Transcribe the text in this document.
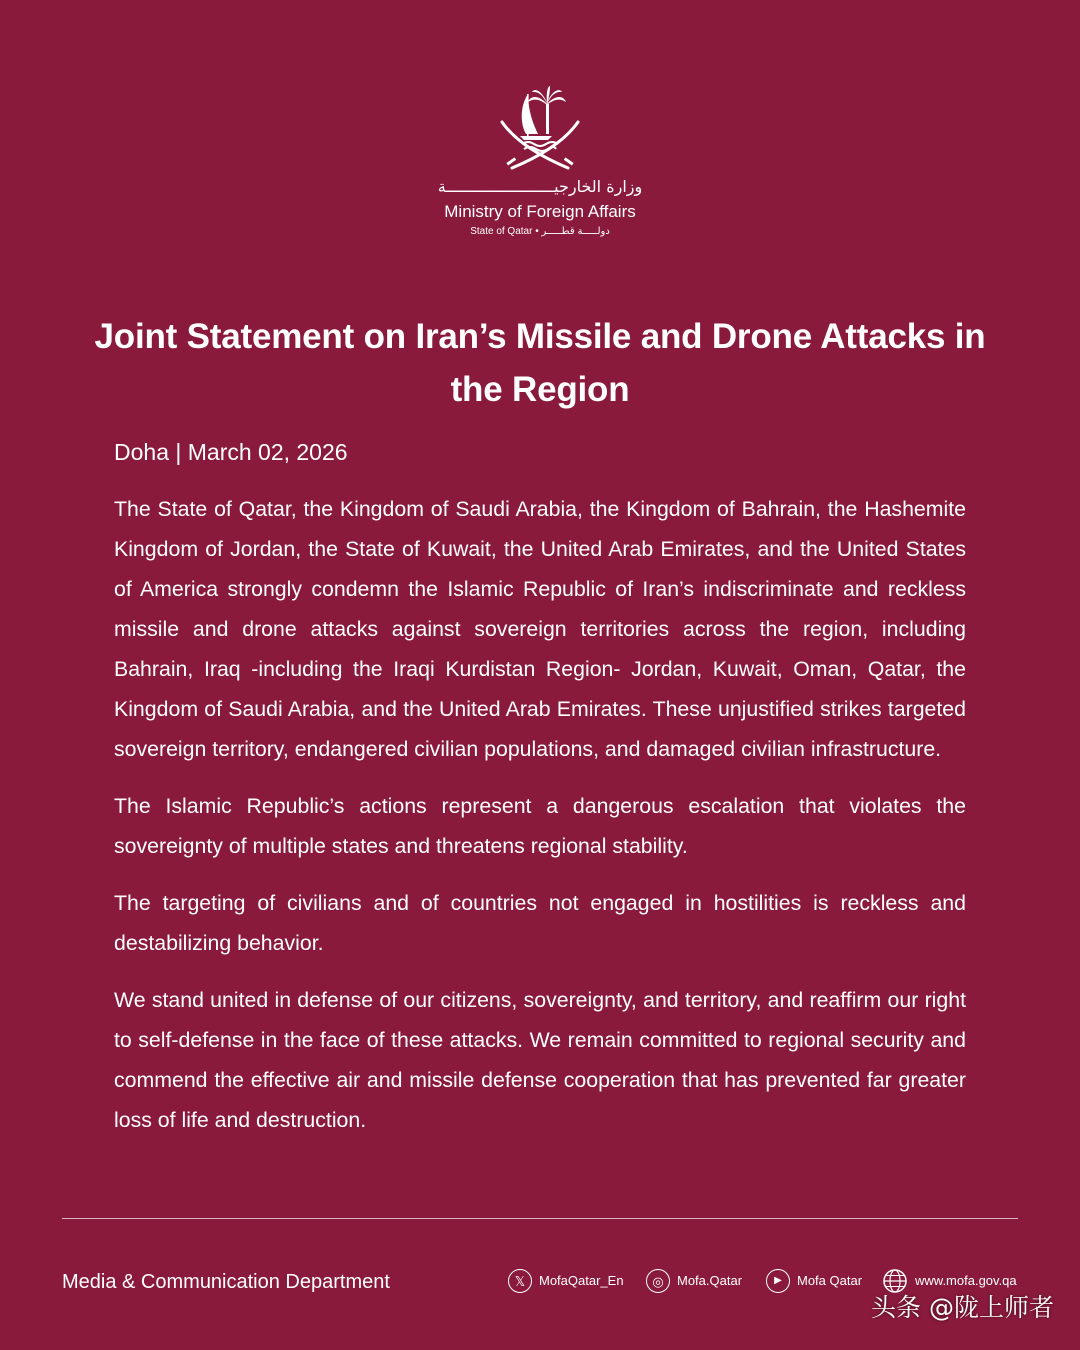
وزارة الخارجيـــــــــــــــــــــــة
Ministry of Foreign Affairs
State of Qatar • دولـــــة قطـــــر
Joint Statement on Iran’s Missile and Drone Attacks in the Region
Doha | March 02, 2026

The State of Qatar, the Kingdom of Saudi Arabia, the Kingdom of Bahrain, the Hashemite Kingdom of Jordan, the State of Kuwait, the United Arab Emirates, and the United States of America strongly condemn the Islamic Republic of Iran’s indiscriminate and reckless missile and drone attacks against sovereign territories across the region, including Bahrain, Iraq -including the Iraqi Kurdistan Region- Jordan, Kuwait, Oman, Qatar, the Kingdom of Saudi Arabia, and the United Arab Emirates. These unjustified strikes targeted sovereign territory, endangered civilian populations, and damaged civilian infrastructure.

The Islamic Republic’s actions represent a dangerous escalation that violates the sovereignty of multiple states and threatens regional stability.

The targeting of civilians and of countries not engaged in hostilities is reckless and destabilizing behavior.

We stand united in defense of our citizens, sovereignty, and territory, and reaffirm our right to self-defense in the face of these attacks. We remain committed to regional security and commend the effective air and missile defense cooperation that has prevented far greater loss of life and destruction.

Media & Communication Department	𝕏	MofaQatar_En	◎	Mofa.Qatar	▶	Mofa Qatar	www.mofa.gov.qa
头条 @陇上师者
